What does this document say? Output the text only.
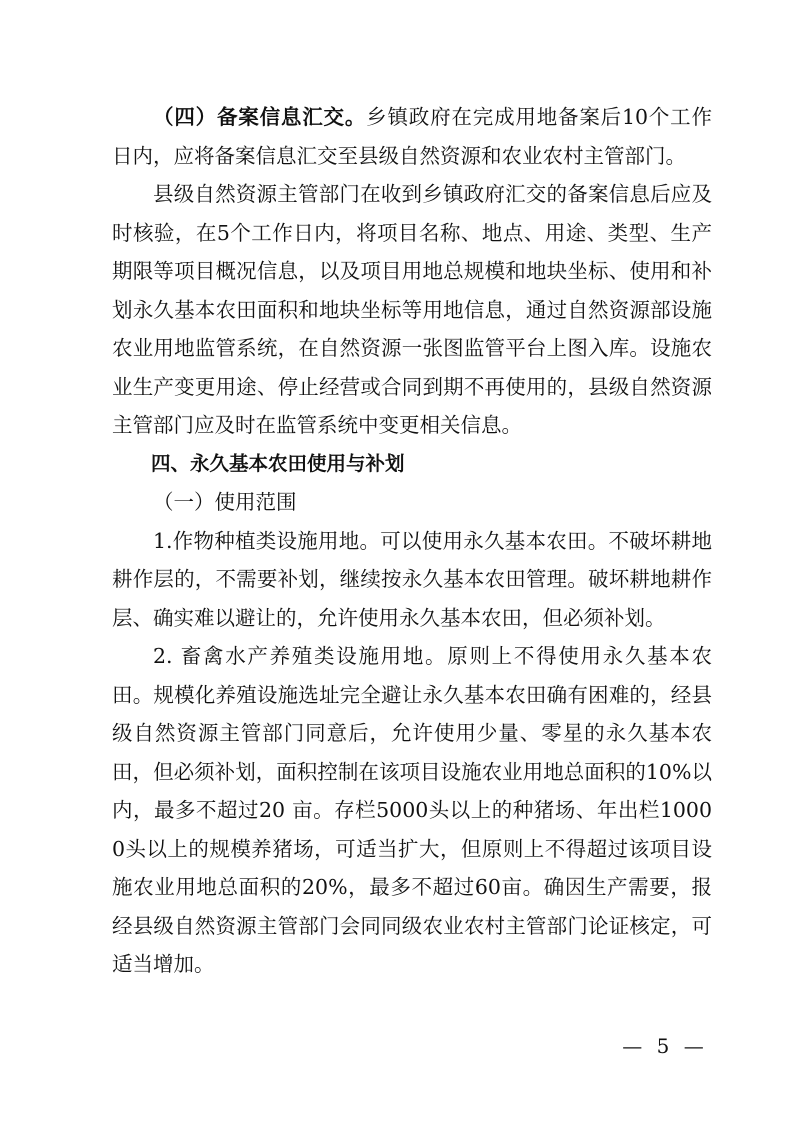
（四）备案信息汇交。乡镇政府在完成用地备案后10个工作日内，应将备案信息汇交至县级自然资源和农业农村主管部门。

县级自然资源主管部门在收到乡镇政府汇交的备案信息后应及时核验，在5个工作日内，将项目名称、地点、用途、类型、生产期限等项目概况信息，以及项目用地总规模和地块坐标、使用和补划永久基本农田面积和地块坐标等用地信息，通过自然资源部设施农业用地监管系统，在自然资源一张图监管平台上图入库。设施农业生产变更用途、停止经营或合同到期不再使用的，县级自然资源主管部门应及时在监管系统中变更相关信息。

四、永久基本农田使用与补划

（一）使用范围

1.作物种植类设施用地。可以使用永久基本农田。不破坏耕地耕作层的，不需要补划，继续按永久基本农田管理。破坏耕地耕作层、确实难以避让的，允许使用永久基本农田，但必须补划。

2. 畜禽水产养殖类设施用地。原则上不得使用永久基本农田。规模化养殖设施选址完全避让永久基本农田确有困难的，经县级自然资源主管部门同意后，允许使用少量、零星的永久基本农田，但必须补划，面积控制在该项目设施农业用地总面积的10%以内，最多不超过20 亩。存栏5000头以上的种猪场、年出栏10000头以上的规模养猪场，可适当扩大，但原则上不得超过该项目设施农业用地总面积的20%，最多不超过60亩。确因生产需要，报经县级自然资源主管部门会同同级农业农村主管部门论证核定，可适当增加。

— 5 —
